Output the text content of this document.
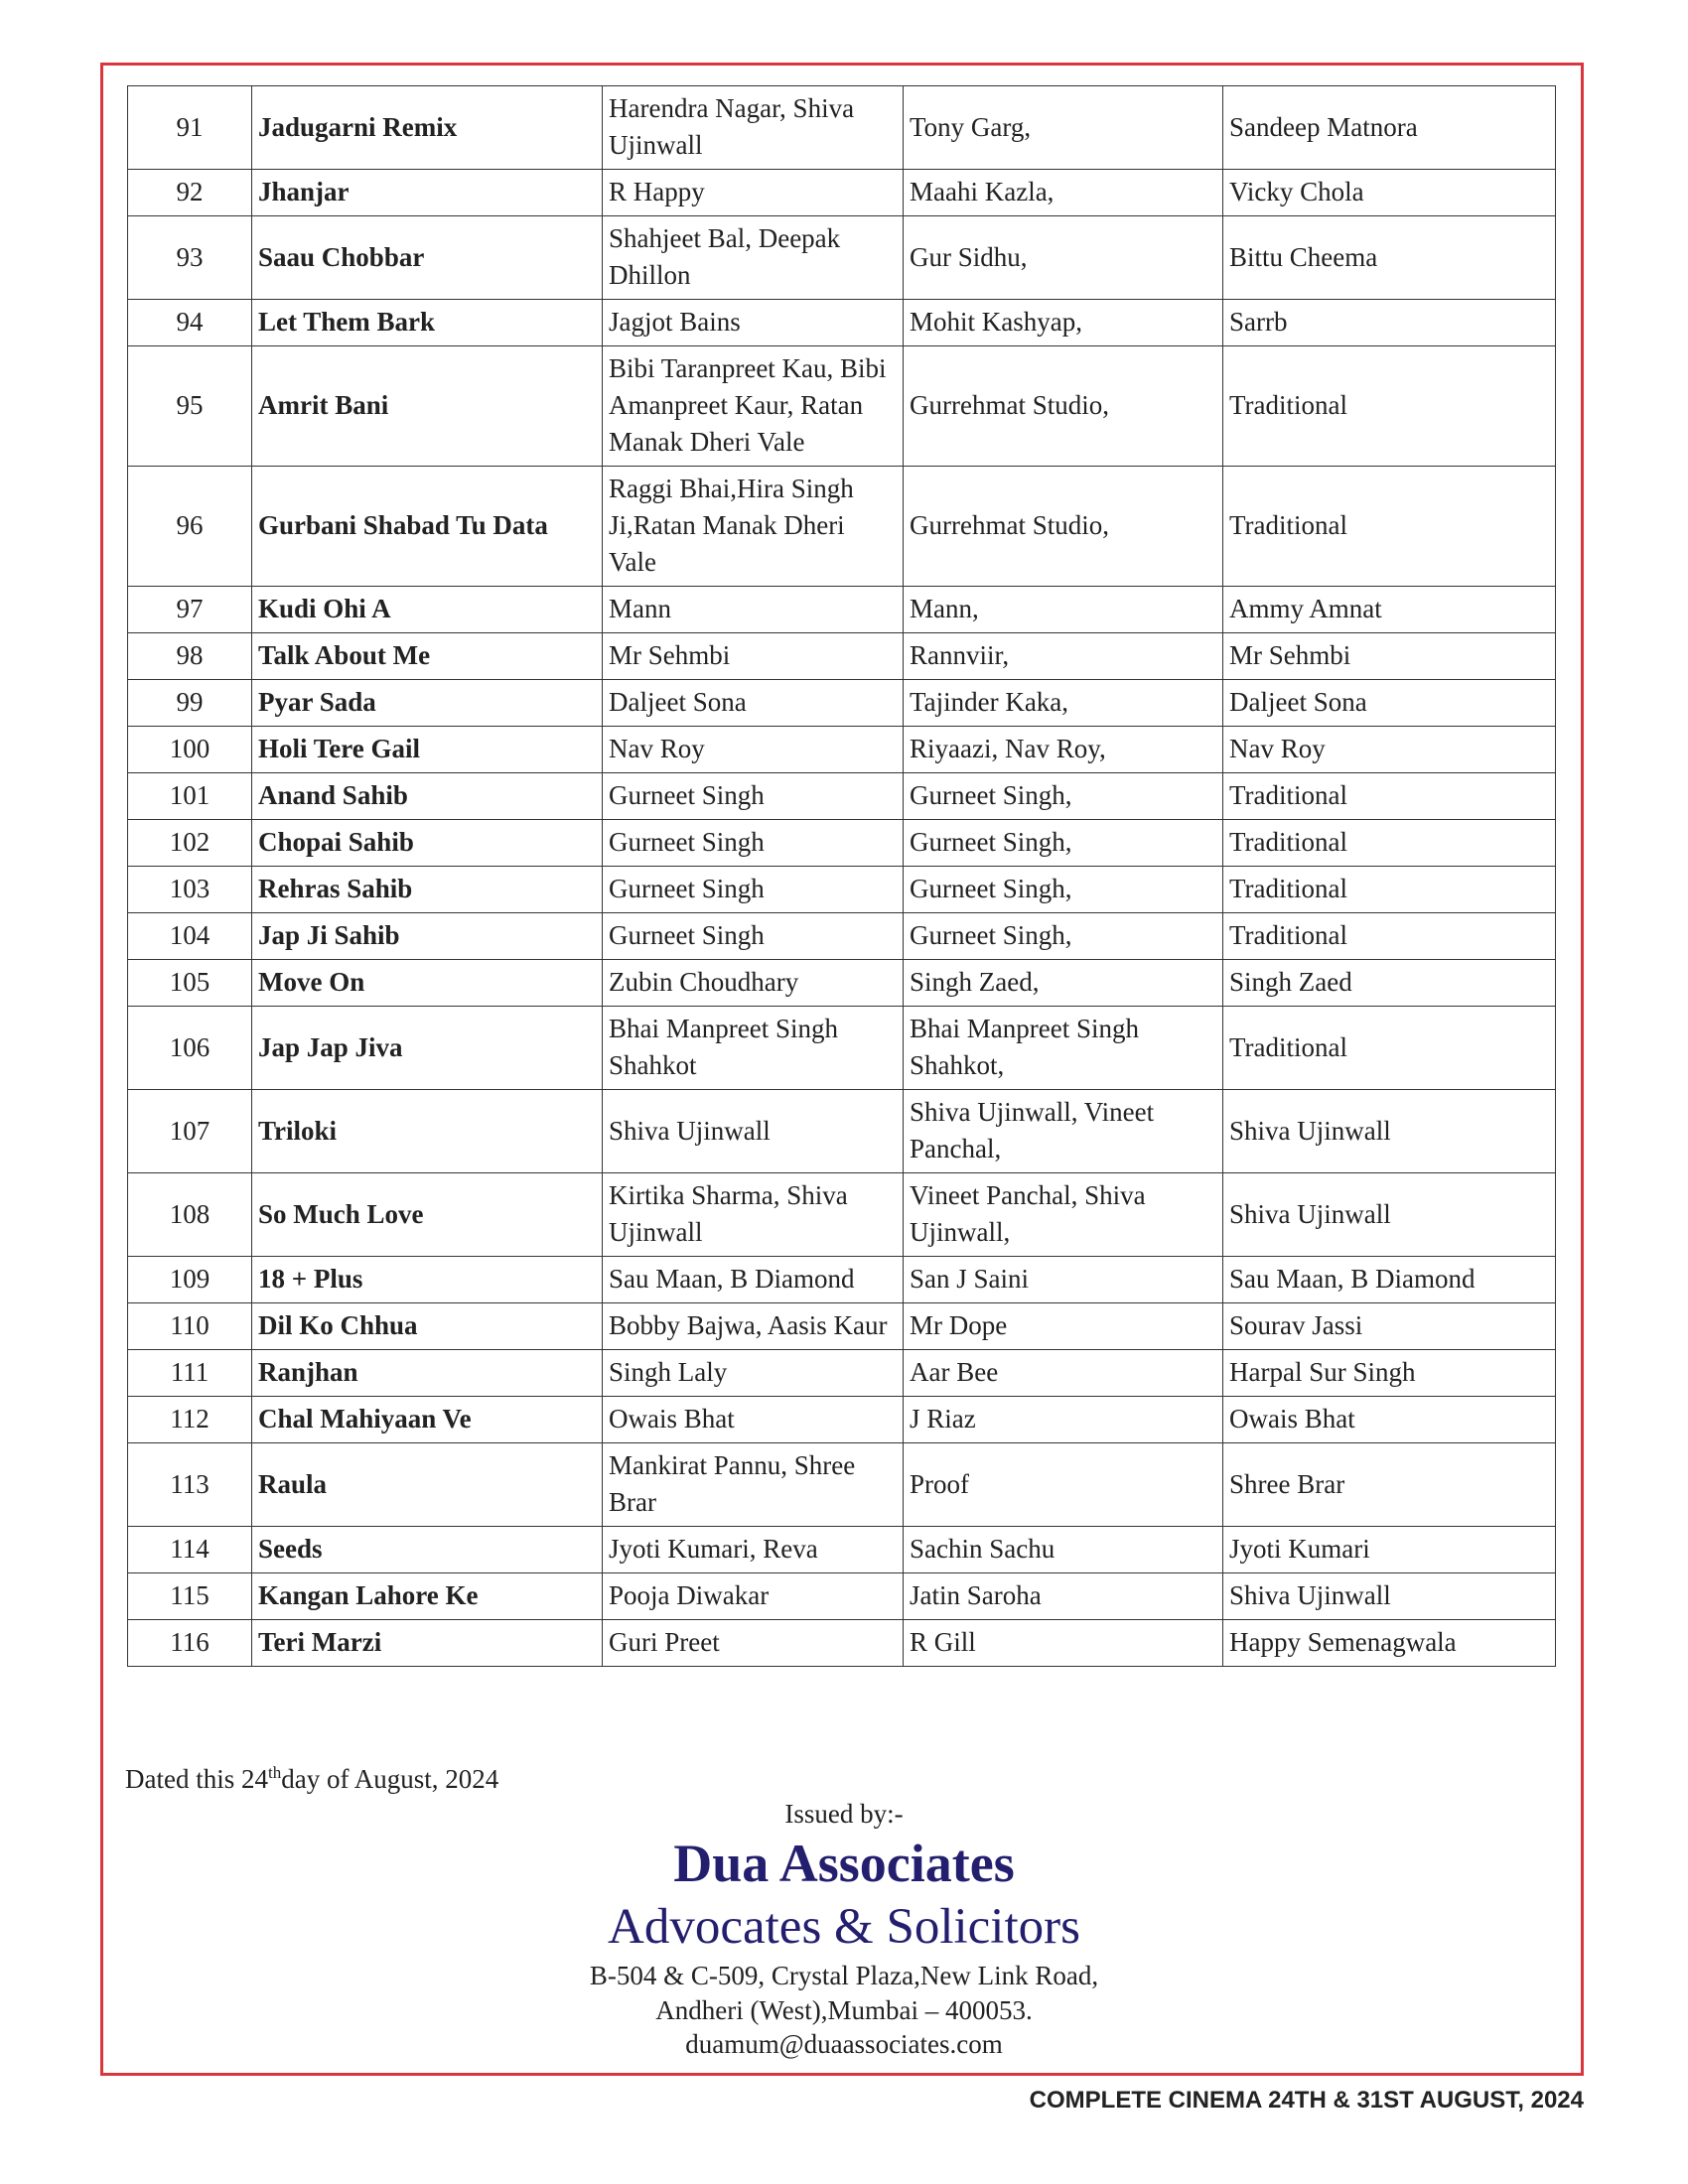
91	Jadugarni Remix	Harendra Nagar, Shiva Ujinwall	Tony Garg,	Sandeep Matnora
92	Jhanjar	R Happy	Maahi Kazla,	Vicky Chola
93	Saau Chobbar	Shahjeet Bal, Deepak Dhillon	Gur Sidhu,	Bittu Cheema
94	Let Them Bark	Jagjot Bains	Mohit Kashyap,	Sarrb
95	Amrit Bani	Bibi Taranpreet Kau, Bibi Amanpreet Kaur, Ratan Manak Dheri Vale	Gurrehmat Studio,	Traditional
96	Gurbani Shabad Tu Data	Raggi Bhai,Hira Singh Ji,Ratan Manak Dheri Vale	Gurrehmat Studio,	Traditional
97	Kudi Ohi A	Mann	Mann,	Ammy Amnat
98	Talk About Me	Mr Sehmbi	Rannviir,	Mr Sehmbi
99	Pyar Sada	Daljeet Sona	Tajinder Kaka,	Daljeet Sona
100	Holi Tere Gail	Nav Roy	Riyaazi, Nav Roy,	Nav Roy
101	Anand Sahib	Gurneet Singh	Gurneet Singh,	Traditional
102	Chopai Sahib	Gurneet Singh	Gurneet Singh,	Traditional
103	Rehras Sahib	Gurneet Singh	Gurneet Singh,	Traditional
104	Jap Ji Sahib	Gurneet Singh	Gurneet Singh,	Traditional
105	Move On	Zubin Choudhary	Singh Zaed,	Singh Zaed
106	Jap Jap Jiva	Bhai Manpreet Singh Shahkot	Bhai Manpreet Singh Shahkot,	Traditional
107	Triloki	Shiva Ujinwall	Shiva Ujinwall, Vineet Panchal,	Shiva Ujinwall
108	So Much Love	Kirtika Sharma, Shiva Ujinwall	Vineet Panchal, Shiva Ujinwall,	Shiva Ujinwall
109	18 + Plus	Sau Maan, B Diamond	San J Saini	Sau Maan, B Diamond
110	Dil Ko Chhua	Bobby Bajwa, Aasis Kaur	Mr Dope	Sourav Jassi
111	Ranjhan	Singh Laly	Aar Bee	Harpal Sur Singh
112	Chal Mahiyaan Ve	Owais Bhat	J Riaz	Owais Bhat
113	Raula	Mankirat Pannu, Shree Brar	Proof	Shree Brar
114	Seeds	Jyoti Kumari, Reva	Sachin Sachu	Jyoti Kumari
115	Kangan Lahore Ke	Pooja Diwakar	Jatin Saroha	Shiva Ujinwall
116	Teri Marzi	Guri Preet	R Gill	Happy Semenagwala
Dated this 24thday of August, 2024
Issued by:-
Dua Associates
Advocates & Solicitors
B-504 & C-509, Crystal Plaza,New Link Road,
Andheri (West),Mumbai – 400053.
duamum@duaassociates.com
COMPLETE CINEMA 24TH & 31ST AUGUST, 2024
